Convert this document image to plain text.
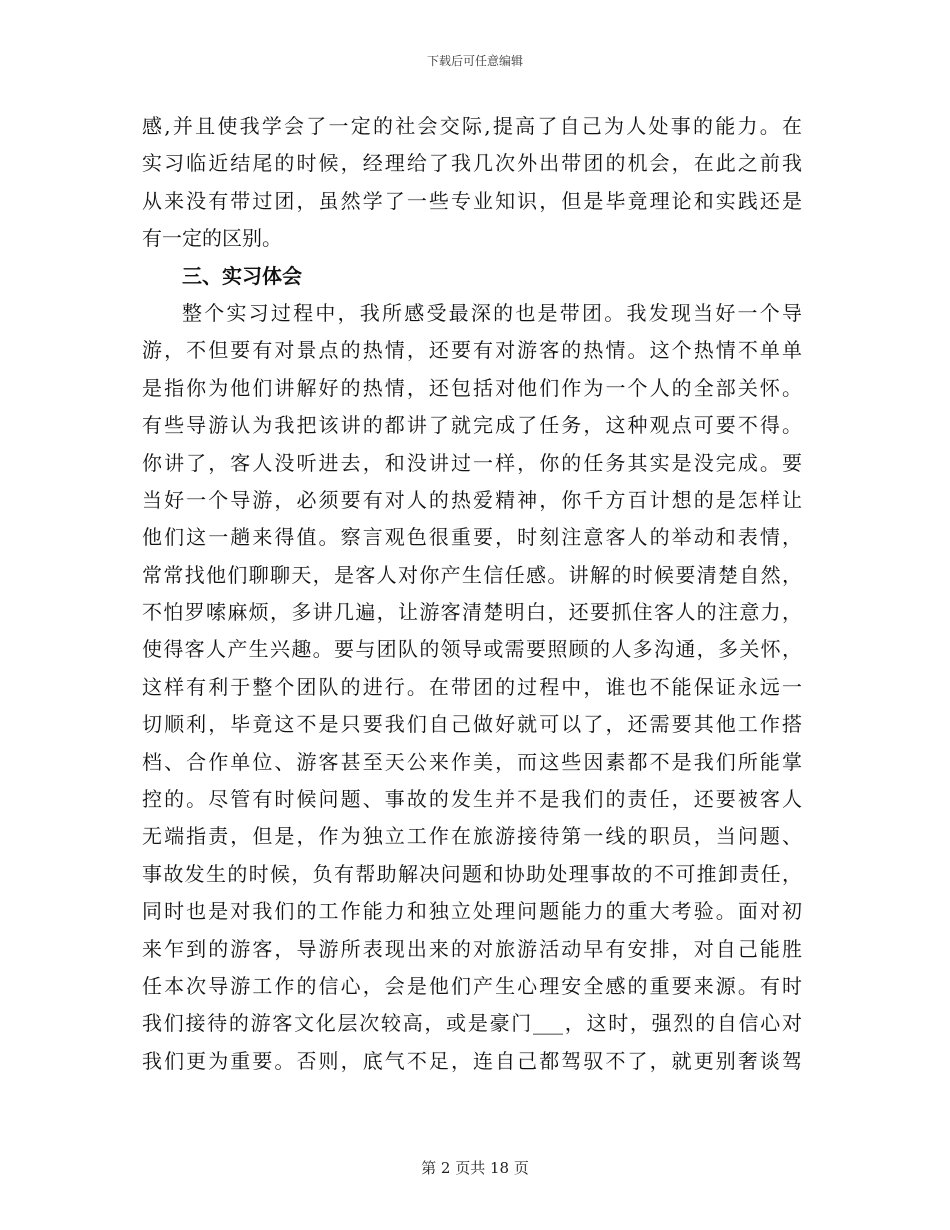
下载后可任意编辑
感,并且使我学会了一定的社会交际,提高了自己为人处事的能力。在
实习临近结尾的时候，经理给了我几次外出带团的机会，在此之前我
从来没有带过团，虽然学了一些专业知识，但是毕竟理论和实践还是
有一定的区别。
三、实习体会
整个实习过程中，我所感受最深的也是带团。我发现当好一个导
游，不但要有对景点的热情，还要有对游客的热情。这个热情不单单
是指你为他们讲解好的热情，还包括对他们作为一个人的全部关怀。
有些导游认为我把该讲的都讲了就完成了任务，这种观点可要不得。
你讲了，客人没听进去，和没讲过一样，你的任务其实是没完成。要
当好一个导游，必须要有对人的热爱精神，你千方百计想的是怎样让
他们这一趟来得值。察言观色很重要，时刻注意客人的举动和表情，
常常找他们聊聊天，是客人对你产生信任感。讲解的时候要清楚自然，
不怕罗嗦麻烦，多讲几遍，让游客清楚明白，还要抓住客人的注意力，
使得客人产生兴趣。要与团队的领导或需要照顾的人多沟通，多关怀，
这样有利于整个团队的进行。在带团的过程中，谁也不能保证永远一
切顺利，毕竟这不是只要我们自己做好就可以了，还需要其他工作搭
档、合作单位、游客甚至天公来作美，而这些因素都不是我们所能掌
控的。尽管有时候问题、事故的发生并不是我们的责任，还要被客人
无端指责，但是，作为独立工作在旅游接待第一线的职员，当问题、
事故发生的时候，负有帮助解决问题和协助处理事故的不可推卸责任，
同时也是对我们的工作能力和独立处理问题能力的重大考验。面对初
来乍到的游客，导游所表现出来的对旅游活动早有安排，对自己能胜
任本次导游工作的信心，会是他们产生心理安全感的重要来源。有时
我们接待的游客文化层次较高，或是豪门___，这时，强烈的自信心对
我们更为重要。否则，底气不足，连自己都驾驭不了，就更别奢谈驾
第 2 页共 18 页
